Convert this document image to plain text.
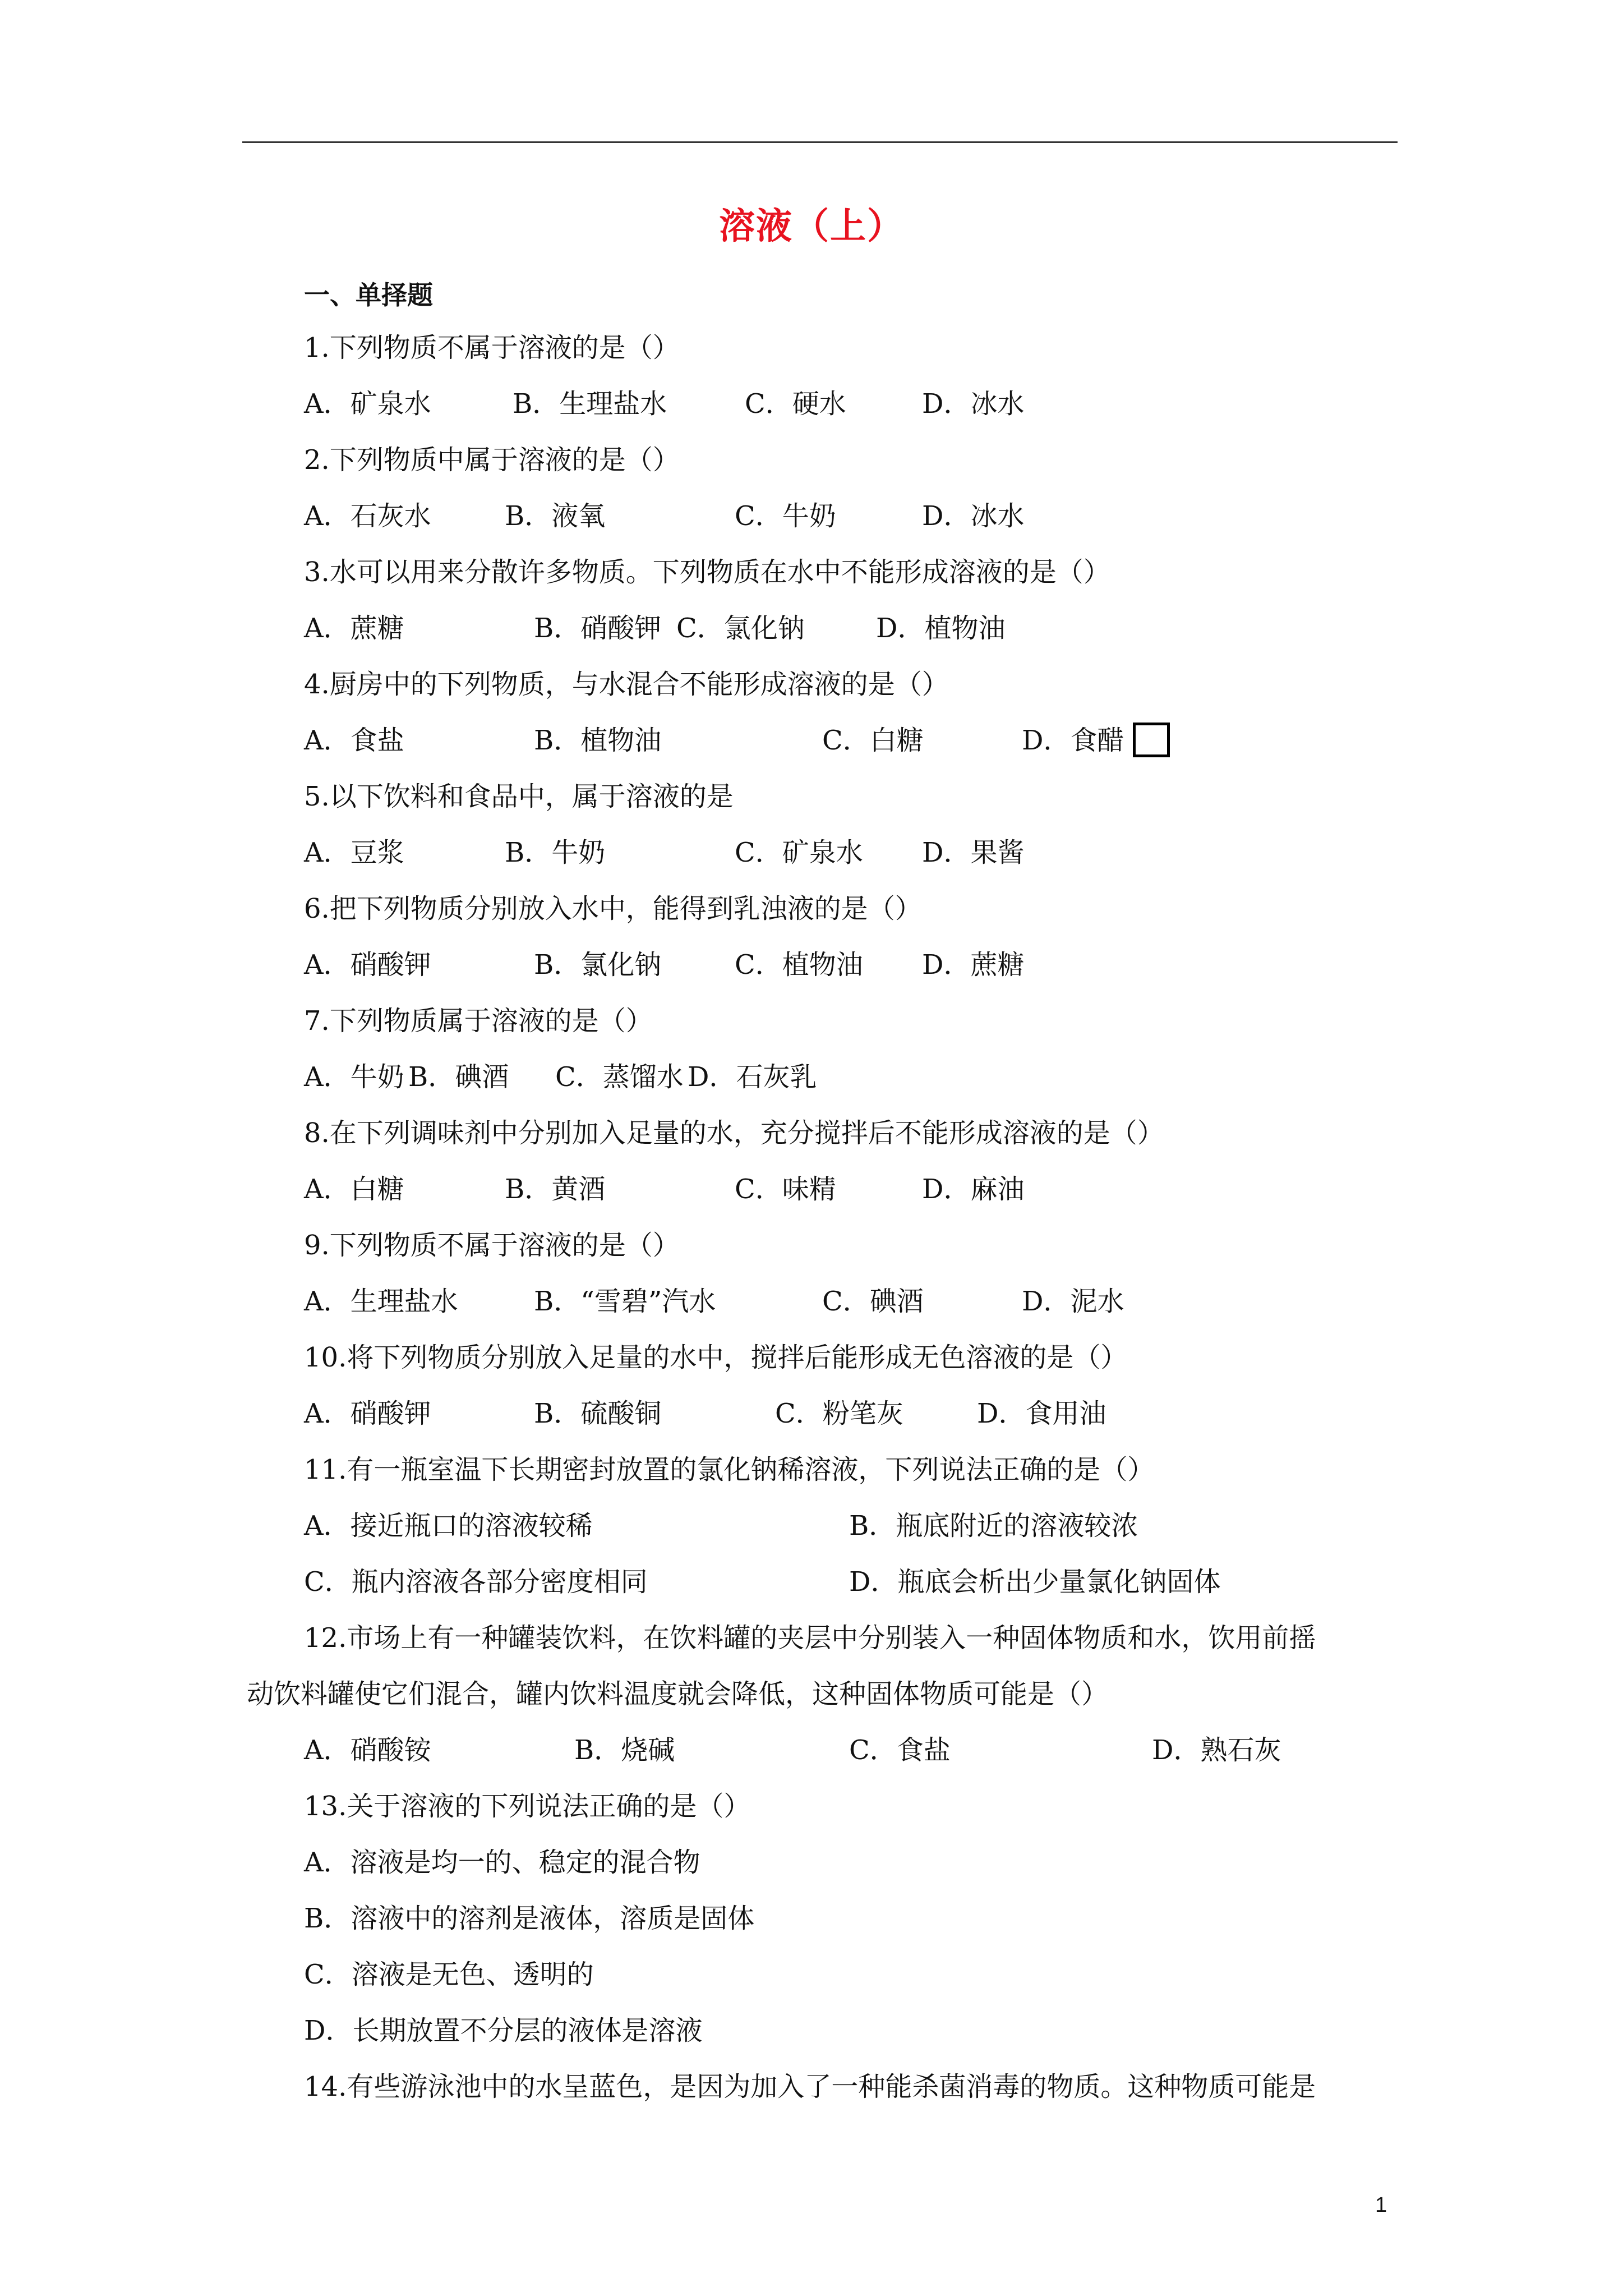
溶液（上）
一、单择题
1.下列物质不属于溶液的是（）
A．矿泉水	B．生理盐水	C．硬水	D．冰水
2.下列物质中属于溶液的是（）
A．石灰水	B．液氧	C．牛奶	D．冰水
3.水可以用来分散许多物质。下列物质在水中不能形成溶液的是（）
A．蔗糖	B．硝酸钾 C．氯化钠	D．植物油
4.厨房中的下列物质，与水混合不能形成溶液的是（）
A．食盐	B．植物油	C．白糖	D．食醋
5.以下饮料和食品中，属于溶液的是
A．豆浆	B．牛奶	C．矿泉水 D．果酱
6.把下列物质分别放入水中，能得到乳浊液的是（）
A．硝酸钾	B．氯化钠	C．植物油 D．蔗糖
7.下列物质属于溶液的是（）
A．牛奶 B．碘酒 C．蒸馏水 D．石灰乳
8.在下列调味剂中分别加入足量的水，充分搅拌后不能形成溶液的是（）
A．白糖	B．黄酒	C．味精	D．麻油
9.下列物质不属于溶液的是（）
A．生理盐水	B．“雪碧”汽水	C．碘酒	D．泥水
10.将下列物质分别放入足量的水中，搅拌后能形成无色溶液的是（）
A．硝酸钾	B．硫酸铜	C．粉笔灰	D．食用油
11.有一瓶室温下长期密封放置的氯化钠稀溶液，下列说法正确的是（）
A．接近瓶口的溶液较稀	B．瓶底附近的溶液较浓
C．瓶内溶液各部分密度相同	D．瓶底会析出少量氯化钠固体
12.市场上有一种罐装饮料，在饮料罐的夹层中分别装入一种固体物质和水，饮用前摇
动饮料罐使它们混合，罐内饮料温度就会降低，这种固体物质可能是（）
A．硝酸铵	B．烧碱	C．食盐	D．熟石灰
13.关于溶液的下列说法正确的是（）
A．溶液是均一的、稳定的混合物
B．溶液中的溶剂是液体，溶质是固体
C．溶液是无色、透明的
D．长期放置不分层的液体是溶液
14.有些游泳池中的水呈蓝色，是因为加入了一种能杀菌消毒的物质。这种物质可能是
1
